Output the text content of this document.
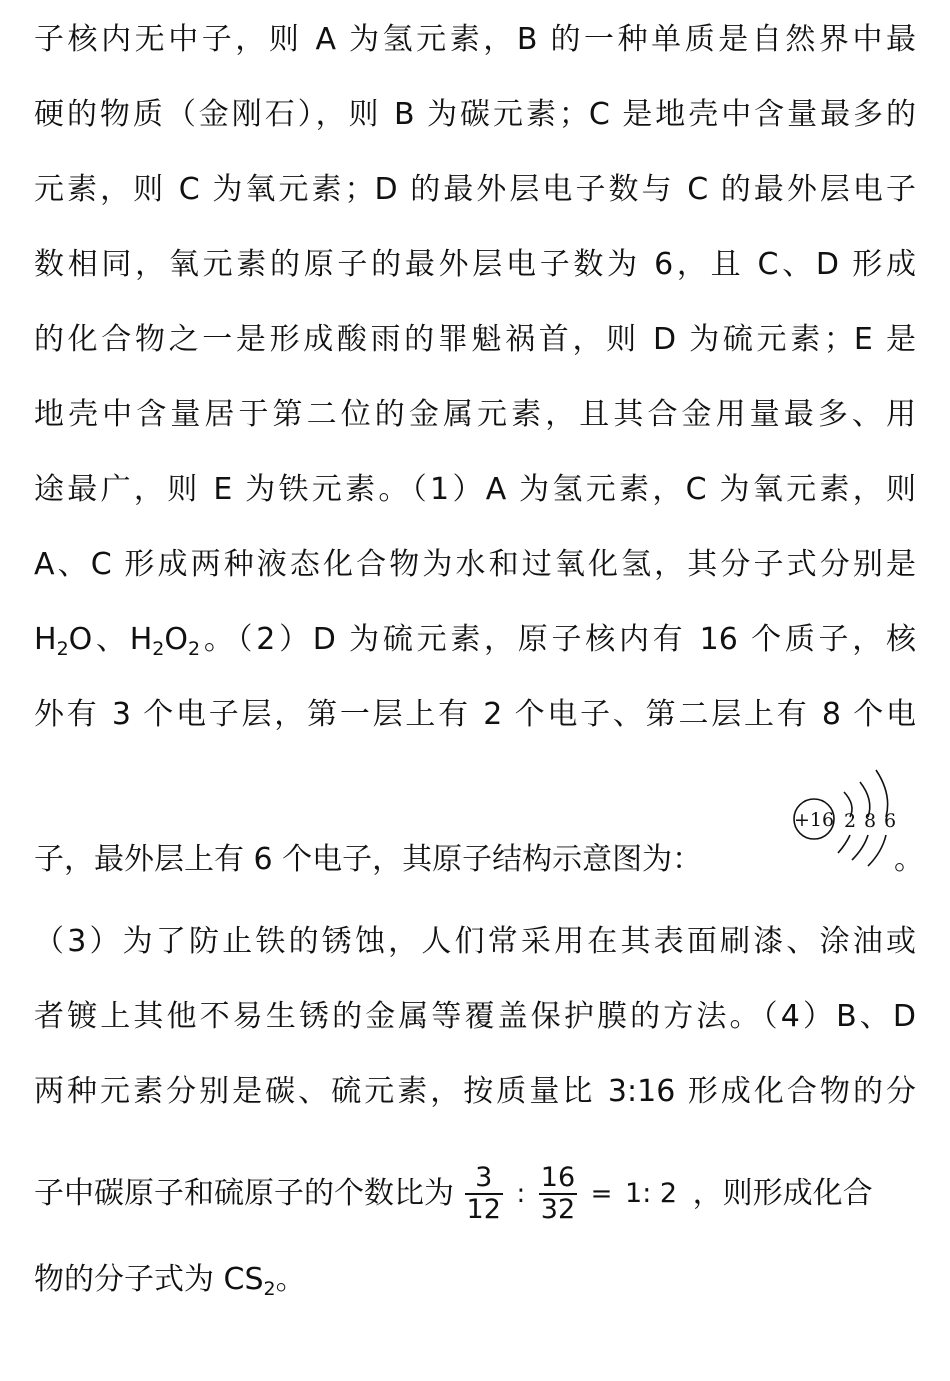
子核内无中子，则 A 为氢元素，B 的一种单质是自然界中最
硬的物质（金刚石），则 B 为碳元素；C 是地壳中含量最多的
元素，则 C 为氧元素；D 的最外层电子数与 C 的最外层电子
数相同，氧元素的原子的最外层电子数为 6，且 C、D 形成
的化合物之一是形成酸雨的罪魁祸首，则 D 为硫元素；E 是
地壳中含量居于第二位的金属元素，且其合金用量最多、用
途最广，则 E 为铁元素。（1）A 为氢元素，C 为氧元素，则
A、C 形成两种液态化合物为水和过氧化氢，其分子式分别是
$H_2O$、$H_2O_2$。（2）D 为硫元素，原子核内有 16 个质子，核
外有 3 个电子层，第一层上有 2 个电子、第二层上有 8 个电
子，最外层上有 6 个电子，其原子结构示意图为：
+16 2 8 6
。
（3）为了防止铁的锈蚀，人们常采用在其表面刷漆、涂油或
者镀上其他不易生锈的金属等覆盖保护膜的方法。（4）B、D
两种元素分别是碳、硫元素，按质量比 3:16 形成化合物的分
子中碳原子和硫原子的个数比为 $\frac{3}{12}$ : $\frac{16}{32} = 1$: 2 ，则形成化合
物的分子式为 $CS_2$。
